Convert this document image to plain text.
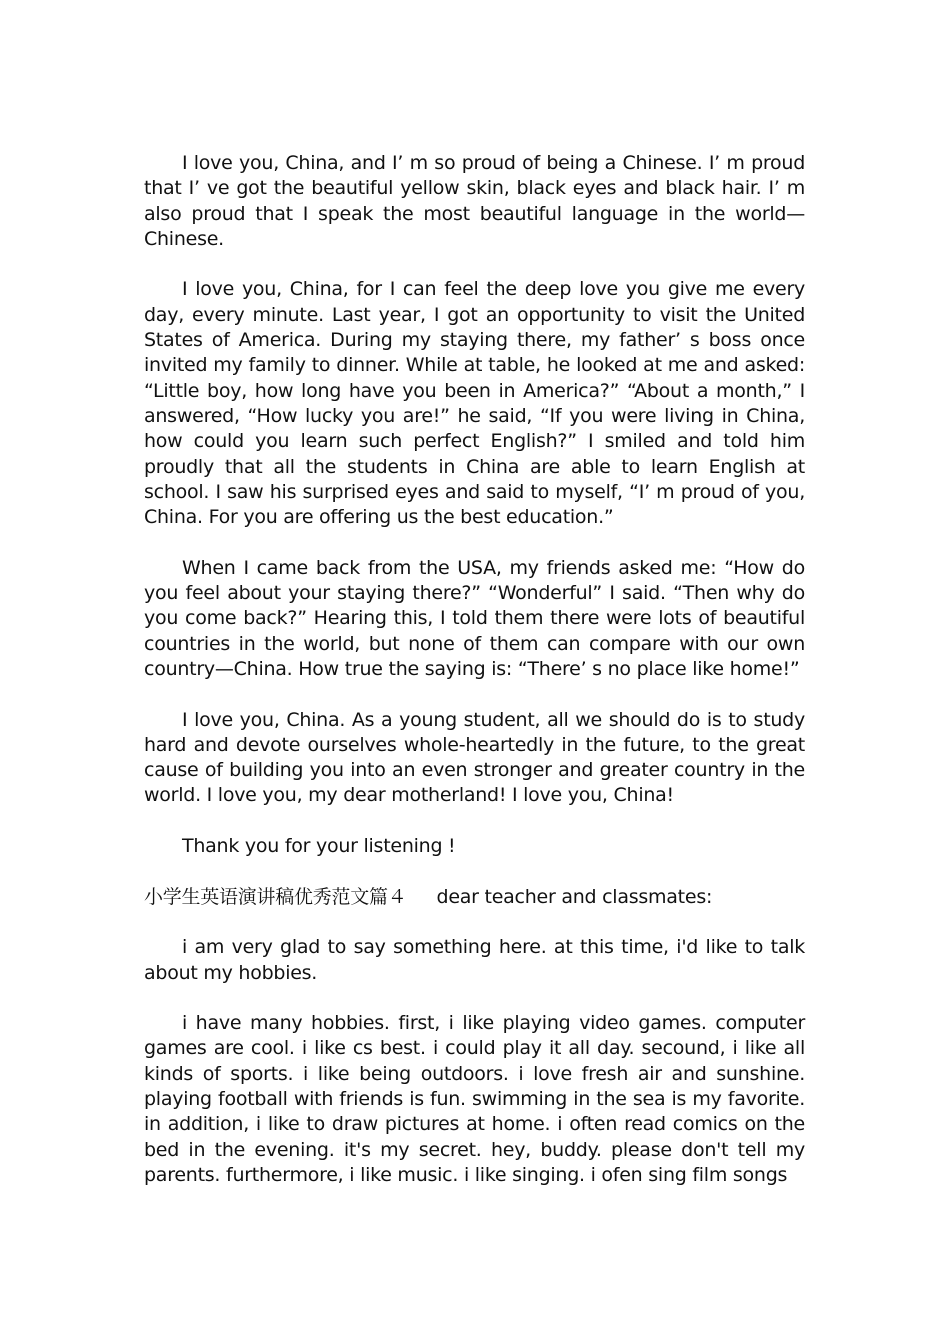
I love you, China, and I’ m so proud of being a Chinese. I’ m proud that I’ ve got the beautiful yellow skin, black eyes and black hair. I’ m also proud that I speak the most beautiful language in the world—Chinese.

I love you, China, for I can feel the deep love you give me every day, every minute. Last year, I got an opportunity to visit the United States of America. During my staying there, my father’ s boss once invited my family to dinner. While at table, he looked at me and asked: “Little boy, how long have you been in America?” “About a month,” I answered, “How lucky you are!” he said, “If you were living in China, how could you learn such perfect English?” I smiled and told him proudly that all the students in China are able to learn English at school. I saw his surprised eyes and said to myself, “I’ m proud of you, China. For you are offering us the best education.”

When I came back from the USA, my friends asked me: “How do you feel about your staying there?” “Wonderful” I said. “Then why do you come back?” Hearing this, I told them there were lots of beautiful countries in the world, but none of them can compare with our own country—China. How true the saying is: “There’ s no place like home!”

I love you, China. As a young student, all we should do is to study hard and devote ourselves whole-heartedly in the future, to the great cause of building you into an even stronger and greater country in the world. I love you, my dear motherland! I love you, China!

Thank you for your listening !

小学生英语演讲稿优秀范文篇４ dear teacher and classmates:

i am very glad to say something here. at this time, i'd like to talk about my hobbies.

i have many hobbies. first, i like playing video games. computer games are cool. i like cs best. i could play it all day. secound, i like all kinds of sports. i like being outdoors. i love fresh air and sunshine. playing football with friends is fun. swimming in the sea is my favorite. in addition, i like to draw pictures at home. i often read comics on the bed in the evening. it's my secret. hey, buddy. please don't tell my parents. furthermore, i like music. i like singing. i ofen sing film songs
